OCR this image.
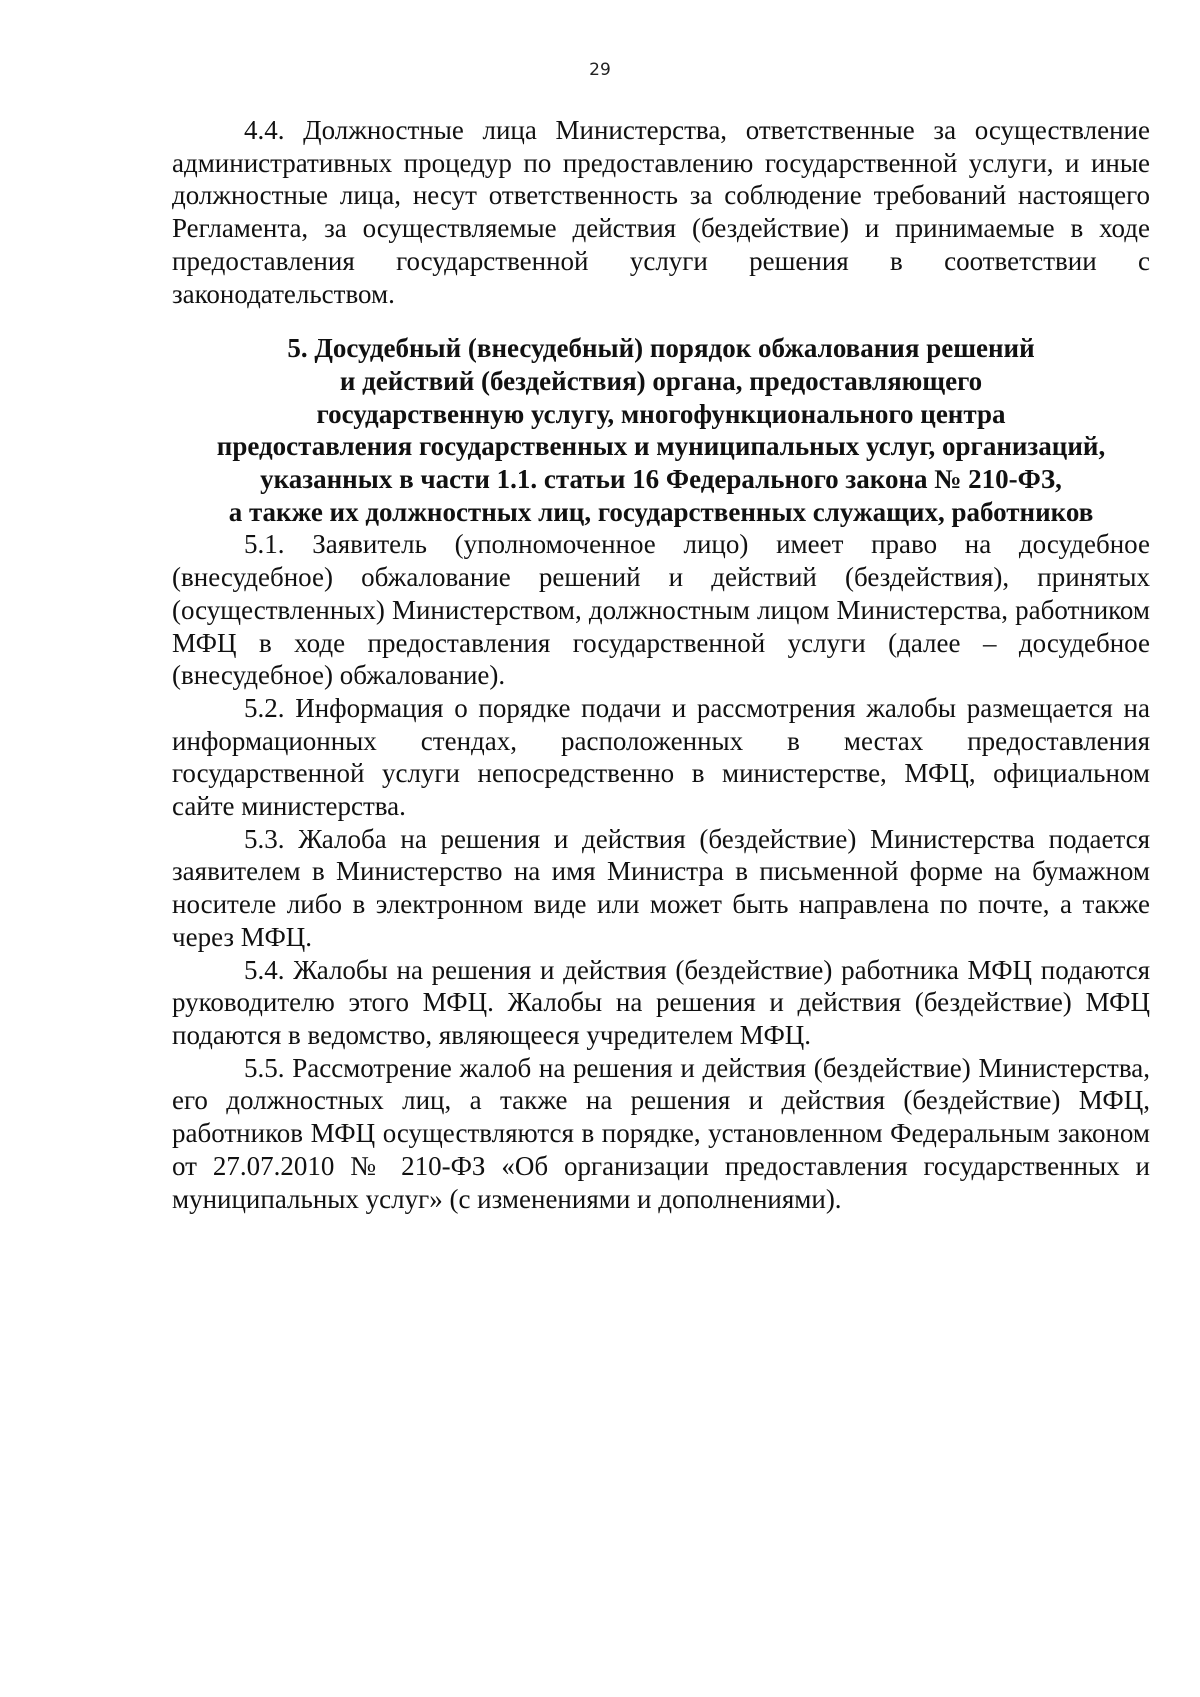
29

4.4. Должностные лица Министерства, ответственные за осуществление административных процедур по предоставлению государственной услуги, и иные должностные лица, несут ответственность за соблюдение требований настоящего Регламента, за осуществляемые действия (бездействие) и принимаемые в ходе предоставления государственной услуги решения в соответствии с законодательством.

5. Досудебный (внесудебный) порядок обжалования решений
и действий (бездействия) органа, предоставляющего
государственную услугу, многофункционального центра
предоставления государственных и муниципальных услуг, организаций,
указанных в части 1.1. статьи 16 Федерального закона № 210-ФЗ,
а также их должностных лиц, государственных служащих, работников

5.1. Заявитель (уполномоченное лицо) имеет право на досудебное (внесудебное) обжалование решений и действий (бездействия), принятых (осуществленных) Министерством, должностным лицом Министерства, работником МФЦ в ходе предоставления государственной услуги (далее – досудебное (внесудебное) обжалование).

5.2. Информация о порядке подачи и рассмотрения жалобы размещается на информационных стендах, расположенных в местах предоставления государственной услуги непосредственно в министерстве, МФЦ, официальном сайте министерства.

5.3. Жалоба на решения и действия (бездействие) Министерства подается заявителем в Министерство на имя Министра в письменной форме на бумажном носителе либо в электронном виде или может быть направлена по почте, а также через МФЦ.

5.4. Жалобы на решения и действия (бездействие) работника МФЦ подаются руководителю этого МФЦ. Жалобы на решения и действия (бездействие) МФЦ подаются в ведомство, являющееся учредителем МФЦ.

5.5. Рассмотрение жалоб на решения и действия (бездействие) Министерства, его должностных лиц, а также на решения и действия (бездействие) МФЦ, работников МФЦ осуществляются в порядке, установленном Федеральным законом от 27.07.2010 № 210-ФЗ «Об организации предоставления государственных и муниципальных услуг» (с изменениями и дополнениями).
